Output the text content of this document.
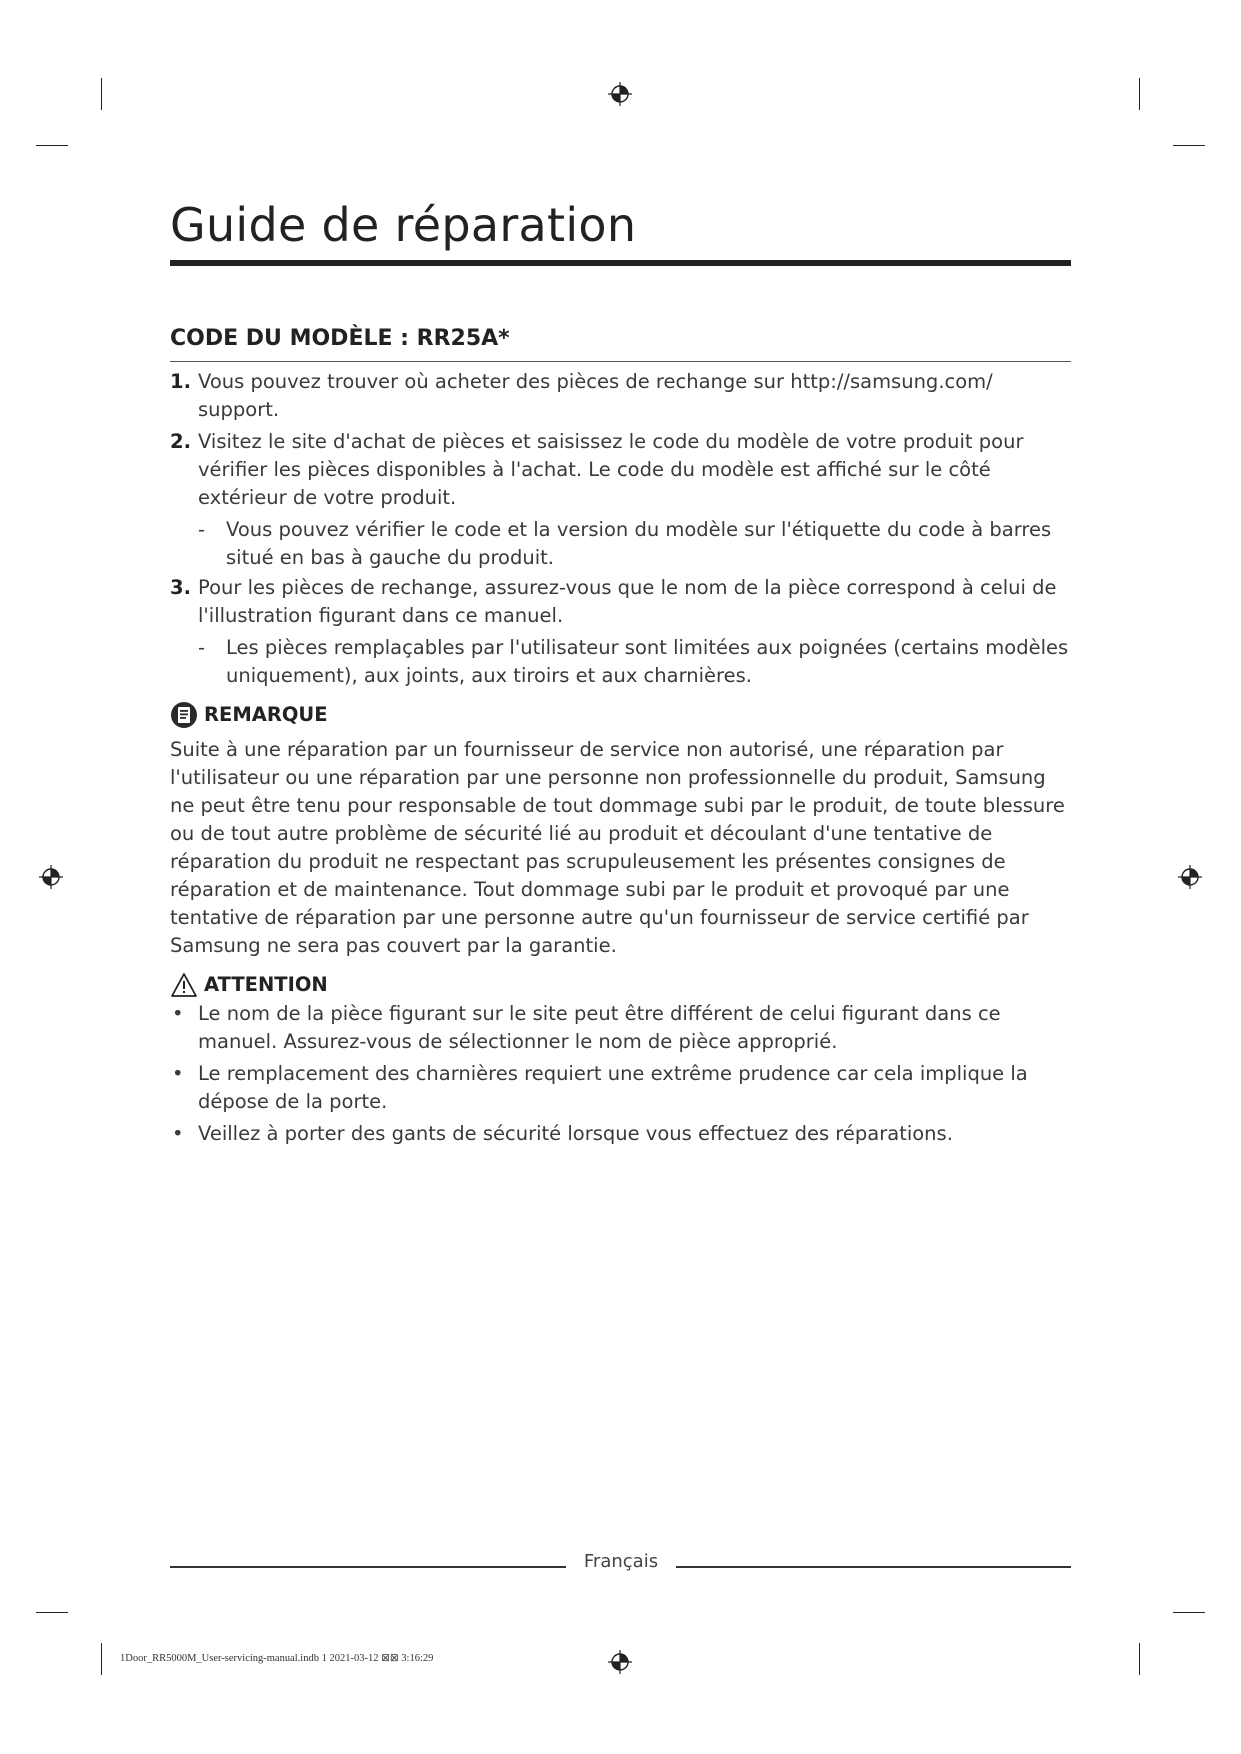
Guide de réparation
CODE DU MODÈLE : RR25A*
1. Vous pouvez trouver où acheter des pièces de rechange sur http://samsung.com/ support.
2. Visitez le site d'achat de pièces et saisissez le code du modèle de votre produit pour vérifier les pièces disponibles à l'achat. Le code du modèle est affiché sur le côté extérieur de votre produit.
- Vous pouvez vérifier le code et la version du modèle sur l'étiquette du code à barres situé en bas à gauche du produit.
3. Pour les pièces de rechange, assurez-vous que le nom de la pièce correspond à celui de l'illustration figurant dans ce manuel.
- Les pièces remplaçables par l'utilisateur sont limitées aux poignées (certains modèles uniquement), aux joints, aux tiroirs et aux charnières.
REMARQUE

Suite à une réparation par un fournisseur de service non autorisé, une réparation par l'utilisateur ou une réparation par une personne non professionnelle du produit, Samsung ne peut être tenu pour responsable de tout dommage subi par le produit, de toute blessure ou de tout autre problème de sécurité lié au produit et découlant d'une tentative de réparation du produit ne respectant pas scrupuleusement les présentes consignes de réparation et de maintenance. Tout dommage subi par le produit et provoqué par une tentative de réparation par une personne autre qu'un fournisseur de service certifié par Samsung ne sera pas couvert par la garantie.

ATTENTION
• Le nom de la pièce figurant sur le site peut être différent de celui figurant dans ce manuel. Assurez-vous de sélectionner le nom de pièce approprié.
• Le remplacement des charnières requiert une extrême prudence car cela implique la dépose de la porte.
• Veillez à porter des gants de sécurité lorsque vous effectuez des réparations.
Français
1Door_RR5000M_User-servicing-manual.indb 1 2021-03-12 ⊠⊠ 3:16:29
